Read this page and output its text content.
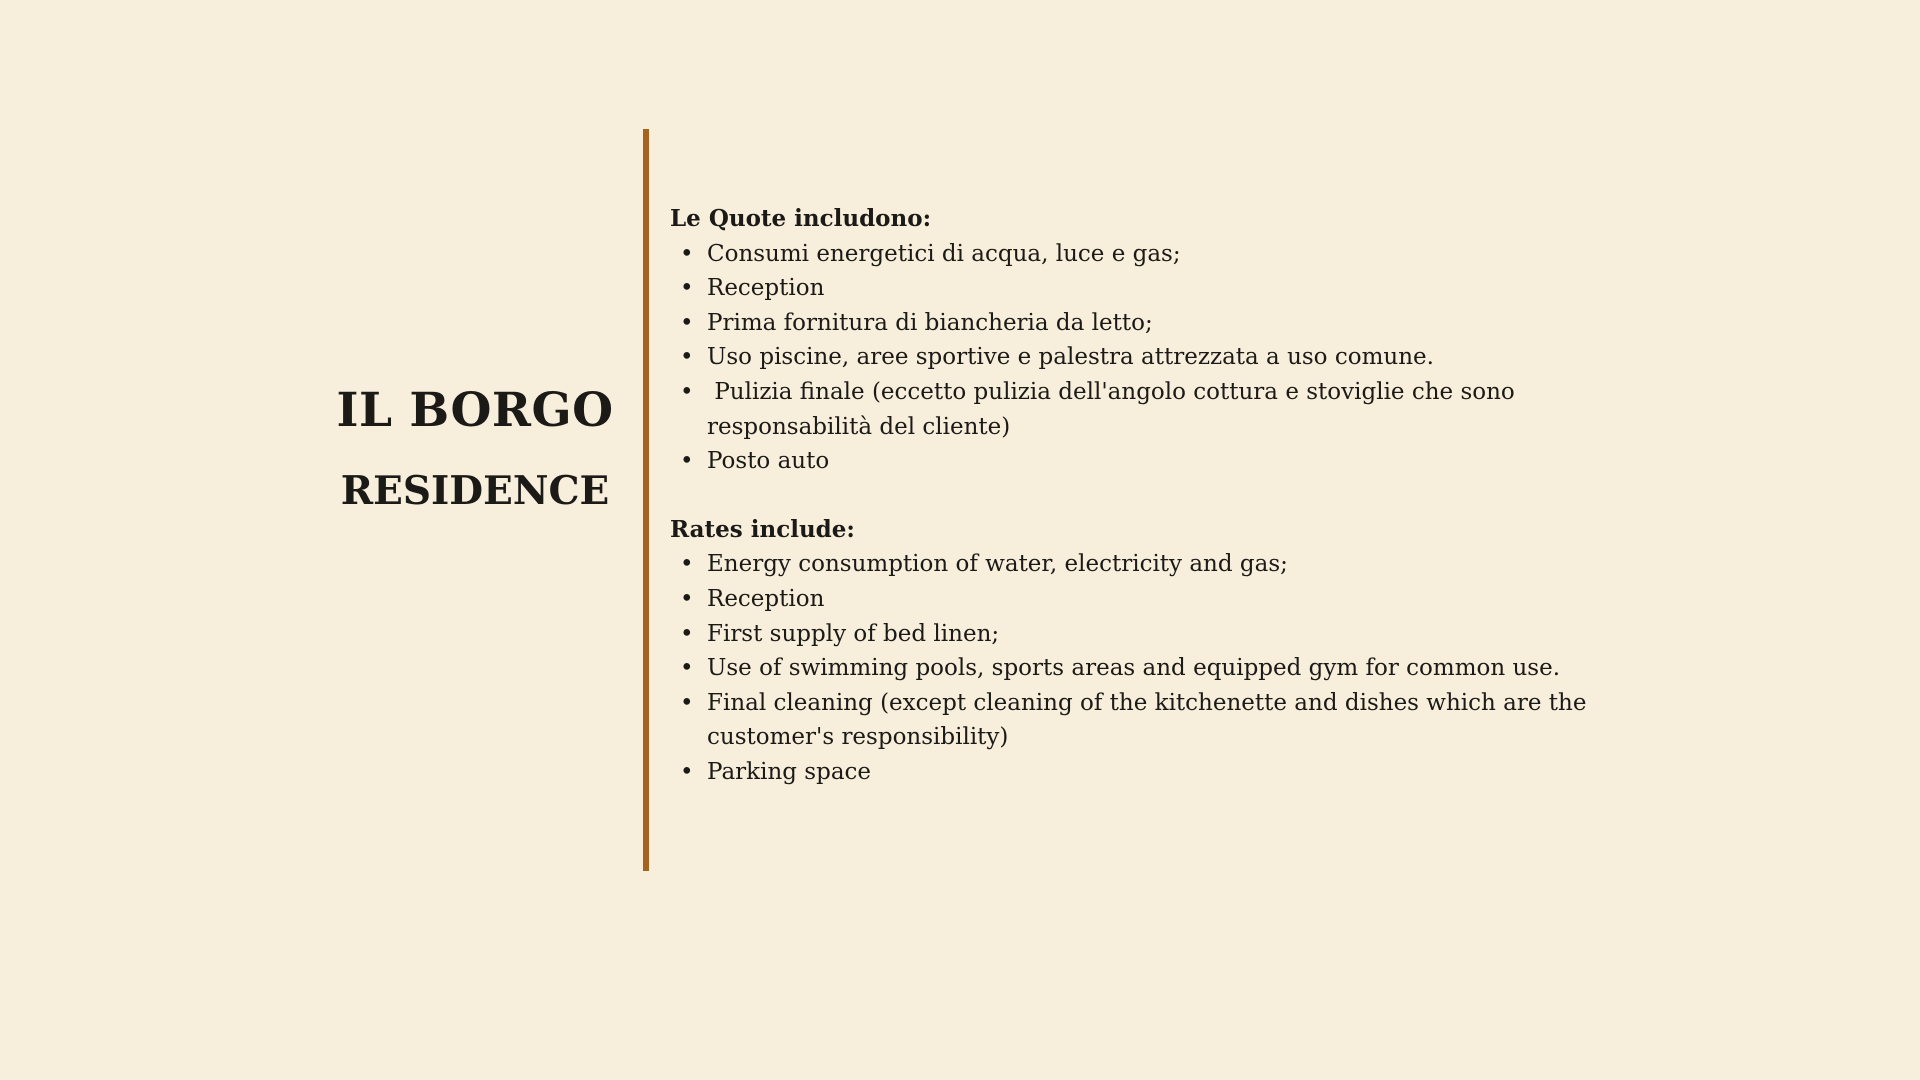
IL BORGO
RESIDENCE

Le Quote includono:

• Consumi energetici di acqua, luce e gas;
• Reception
• Prima fornitura di biancheria da letto;
• Uso piscine, aree sportive e palestra attrezzata a uso comune.
•  Pulizia finale (eccetto pulizia dell'angolo cottura e stoviglie che sono responsabilità del cliente)
• Posto auto

Rates include:

• Energy consumption of water, electricity and gas;
• Reception
• First supply of bed linen;
• Use of swimming pools, sports areas and equipped gym for common use.
• Final cleaning (except cleaning of the kitchenette and dishes which are the customer's responsibility)
• Parking space
